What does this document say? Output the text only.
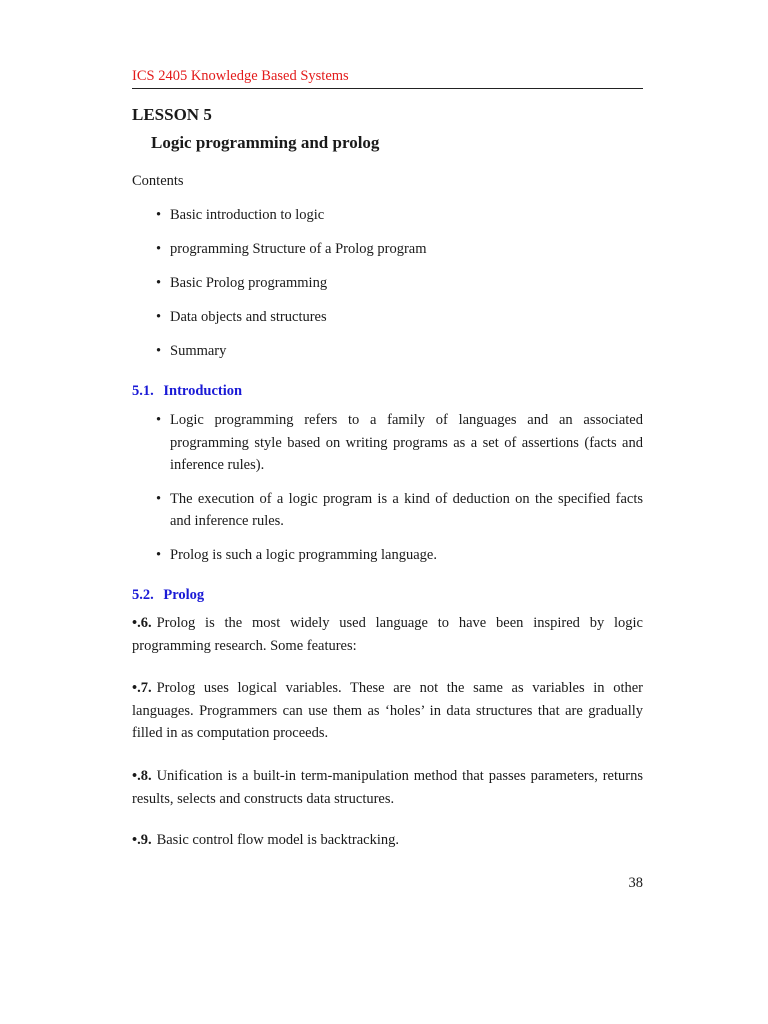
ICS 2405 Knowledge Based Systems
LESSON 5
Logic programming and prolog
Contents
• Basic introduction to logic
• programming Structure of a Prolog program
• Basic Prolog programming
• Data objects and structures
• Summary
5.1. Introduction
• Logic programming refers to a family of languages and an associated programming style based on writing programs as a set of assertions (facts and inference rules).
• The execution of a logic program is a kind of deduction on the specified facts and inference rules.
• Prolog is such a logic programming language.
5.2. Prolog

•.6. Prolog is the most widely used language to have been inspired by logic programming research. Some features:

•.7. Prolog uses logical variables. These are not the same as variables in other languages. Programmers can use them as ‘holes’ in data structures that are gradually filled in as computation proceeds.

•.8. Unification is a built-in term-manipulation method that passes parameters, returns results, selects and constructs data structures.

•.9. Basic control flow model is backtracking.

38
